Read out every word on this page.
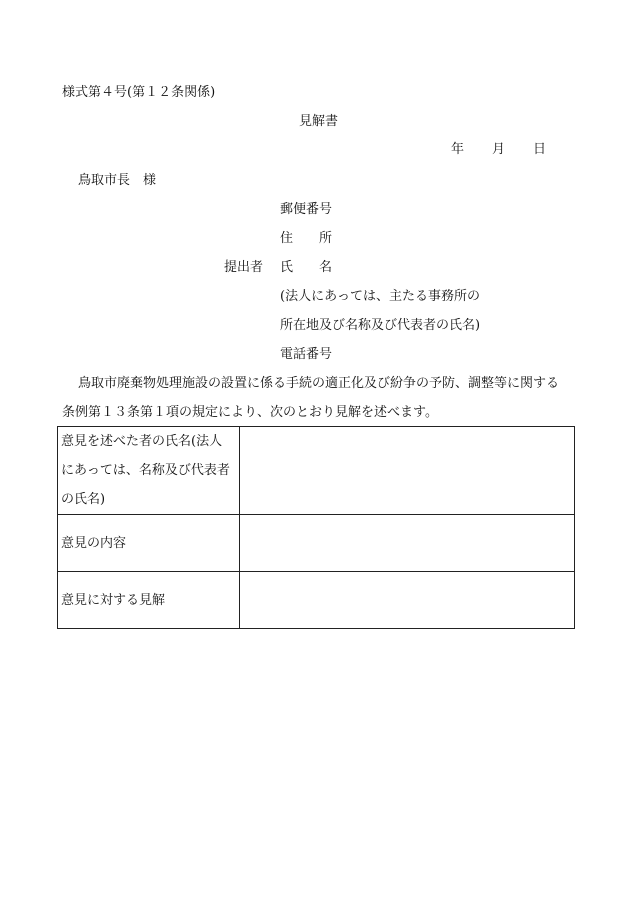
様式第４号(第１２条関係)
見解書
年 月 日
鳥取市長　様
提出者
郵便番号
住　　所
氏　　名
(法人にあっては、主たる事務所の
所在地及び名称及び代表者の氏名)
電話番号
鳥取市廃棄物処理施設の設置に係る手続の適正化及び紛争の予防、調整等に関する
条例第１３条第１項の規定により、次のとおり見解を述べます。
意見を述べた者の氏名(法人
にあっては、名称及び代表者
の氏名)	

意見の内容	

意見に対する見解	
